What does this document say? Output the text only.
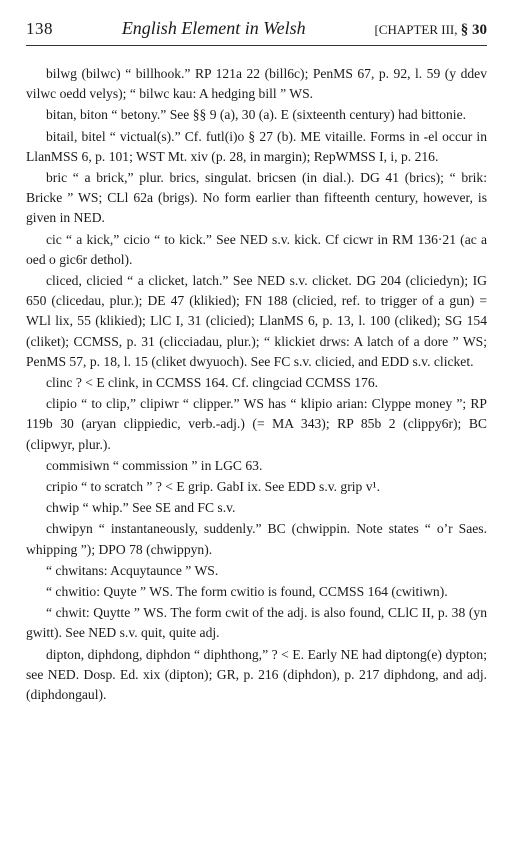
138	English Element in Welsh	[CHAPTER III, § 30

bilwg (bilwc) “ billhook.” RP 121a 22 (bill6c); PenMS 67, p. 92, l. 59 (y ddev vilwc oedd velys); “ bilwc kau: A hedging bill ” WS.

bitan, biton “ betony.” See §§ 9 (a), 30 (a). E (sixteenth century) had bittonie.

bitail, bitel “ victual(s).” Cf. futl(i)o § 27 (b). ME vitaille. Forms in -el occur in LlanMSS 6, p. 101; WST Mt. xiv (p. 28, in margin); RepWMSS I, i, p. 216.

bric “ a brick,” plur. brics, singulat. bricsen (in dial.). DG 41 (brics); “ brik: Bricke ” WS; CLl 62a (brigs). No form earlier than fifteenth century, however, is given in NED.

cic “ a kick,” cicio “ to kick.” See NED s.v. kick. Cf cicwr in RM 136·21 (ac a oed o gic6r dethol).

cliced, clicied “ a clicket, latch.” See NED s.v. clicket. DG 204 (cliciedyn); IG 650 (clicedau, plur.); DE 47 (klikied); FN 188 (clicied, ref. to trigger of a gun) = WLl lix, 55 (klikied); LlC I, 31 (clicied); LlanMS 6, p. 13, l. 100 (cliked); SG 154 (cliket); CCMSS, p. 31 (clicciadau, plur.); “ klickiet drws: A latch of a dore ” WS; PenMS 57, p. 18, l. 15 (cliket dwyuoch). See FC s.v. clicied, and EDD s.v. clicket.

clinc ? < E clink, in CCMSS 164. Cf. clingciad CCMSS 176.

clipio “ to clip,” clipiwr “ clipper.” WS has “ klipio arian: Clyppe money ”; RP 119b 30 (aryan clippiedic, verb.-adj.) (= MA 343); RP 85b 2 (clippy6r); BC (clipwyr, plur.).

commisiwn “ commission ” in LGC 63.

cripio “ to scratch ” ? < E grip. GabI ix. See EDD s.v. grip v¹.

chwip “ whip.” See SE and FC s.v.

chwipyn “ instantaneously, suddenly.” BC (chwippin. Note states “ o’r Saes. whipping ”); DPO 78 (chwippyn).

“ chwitans: Acquytaunce ” WS.

“ chwitio: Quyte ” WS. The form cwitio is found, CCMSS 164 (cwitiwn).

“ chwit: Quytte ” WS. The form cwit of the adj. is also found, CLlC II, p. 38 (yn gwitt). See NED s.v. quit, quite adj.

dipton, diphdong, diphdon “ diphthong,” ? < E. Early NE had diptong(e) dypton; see NED. Dosp. Ed. xix (dipton); GR, p. 216 (diphdon), p. 217 diphdong, and adj. (diphdongaul).
